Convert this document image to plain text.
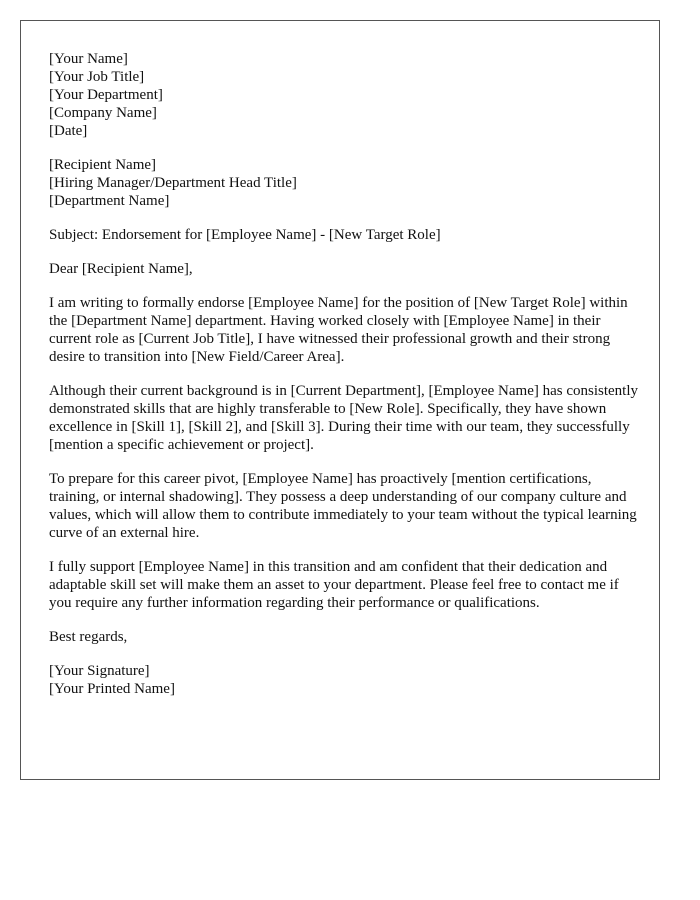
[Your Name]
[Your Job Title]
[Your Department]
[Company Name]
[Date]
[Recipient Name]
[Hiring Manager/Department Head Title]
[Department Name]
Subject: Endorsement for [Employee Name] - [New Target Role]
Dear [Recipient Name],

I am writing to formally endorse [Employee Name] for the position of [New Target Role] within the [Department Name] department. Having worked closely with [Employee Name] in their current role as [Current Job Title], I have witnessed their professional growth and their strong desire to transition into [New Field/Career Area].

Although their current background is in [Current Department], [Employee Name] has consistently demonstrated skills that are highly transferable to [New Role]. Specifically, they have shown excellence in [Skill 1], [Skill 2], and [Skill 3]. During their time with our team, they successfully [mention a specific achievement or project].

To prepare for this career pivot, [Employee Name] has proactively [mention certifications, training, or internal shadowing]. They possess a deep understanding of our company culture and values, which will allow them to contribute immediately to your team without the typical learning curve of an external hire.

I fully support [Employee Name] in this transition and am confident that their dedication and adaptable skill set will make them an asset to your department. Please feel free to contact me if you require any further information regarding their performance or qualifications.

Best regards,
[Your Signature]
[Your Printed Name]
